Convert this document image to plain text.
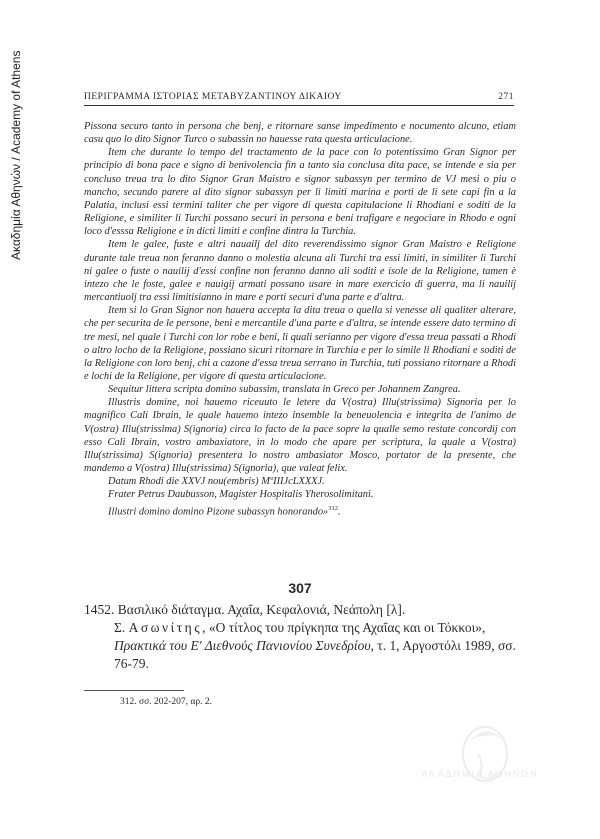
Ακαδημία Αθηνών / Academy of Athens	ΠΕΡΙΓΡΑΜΜΑ ΙΣΤΟΡΙΑΣ ΜΕΤΑΒΥΖΑΝΤΙΝΟΥ ΔΙΚΑΙΟΥ	271

Pissona securo tanto in persona che benj, e ritornare sanse impedimento e nocumento alcuno, etiam casu quo lo dito Signor Turco o subassin no hauesse rata questa articulacione.

Item che durante lo tempo del tractamento de la pace con lo potentissimo Gran Signor per principio di bona pace e signo di benivolencia fin a tanto sia conclusa dita pace, se intende e sia per concluso treua tra lo dito Signor Gran Maistro e signor subassyn per termino de VJ mesi o piu o mancho, secundo parere al dito signor subassyn per li limiti marina e porti de li sete capi fin a la Palatia, inclusi essi termini taliter che per vigore di questa capitulacione li Rhodiani e soditi de la Religione, e similiter li Turchi possano securi in persona e beni trafigare e negociare in Rhodo e ogni loco d'esssa Religione e in dicti limiti e confine dintra la Turchia.

Item le galee, fuste e altri nauailj del dito reverendissimo signor Gran Maistro e Religione durante tale treua non feranno danno o molestia alcuna ali Turchi tra essi limiti, in similiter li Turchi ni galee o fuste o nauilij d'essi confine non feranno danno ali soditi e isole de la Religione, tamen è intezo che le foste, galee e nauigij armati possano usare in mare exercicio di guerra, ma li nauilij mercantiuolj tra essi limitisianno in mare e porti securi d'una parte e d'altra.

Item si lo Gran Signor non hauera accepta la dita treua o quella si venesse ali qualiter alterare, che per securita de le persone, beni e mercantile d'una parte e d'altra, se intende essere dato termino di tre mesi, nel quale i Turchi con lor robe e beni, li quali serianno per vigore d'essa treua passati a Rhodi o altro locho de la Religione, possiano sicuri ritornare in Turchia e per lo simile li Rhodiani e soditi de la Religione con loro benj, chi a cazone d'essa treua serrano in Turchia, tuti possiano ritornare a Rhodi e lochi de la Religione, per vigore di questa articulacione.

Sequitur littera scripta domino subassim, translata in Greco per Johannem Zangrea.

Illustris domine, noi hauemo riceuuto le letere da V(ostra) Illu(strissima) Signoria per lo magnifico Cali Ibrain, le quale hauemo intezo insemble la beneuolencia e integrita de l'animo de V(ostra) Illu(strissima) S(ignoria) circa lo facto de la pace sopre la qualle semo restate concordij con esso Cali Ibrain, vostro ambaxiatore, in lo modo che apare per scriptura, la quale a V(ostra) Illu(strissima) S(ignoria) presentera lo nostro ambasiator Mosco, portator de la presente, che mandemo a V(ostra) Illu(strissima) S(ignoria), que valeat felix.

Datum Rhodi die XXVJ nou(embris) MºIIIJcLXXXJ.

Frater Petrus Daubusson, Magister Hospitalis Yherosolimitani.

Illustri domino domino Pizone subassyn honorando»$^{312}$.

307

1452. Βασιλικό διάταγμα. Αχαΐα, Κεφαλονιά, Νεάπολη [λ].

Σ. Ασωνίτης, «Ο τίτλος του πρίγκηπα της Αχαΐας και οι Τόκκοι», Πρακτικά του Ε' Διεθνούς Πανιονίου Συνεδρίου, τ. 1, Αργοστόλι 1989, σσ. 76-79.

312. σσ. 202-207, αρ. 2.
ΑΚΑΔΗΜΙΑ ΑΘΗΝΩΝ
